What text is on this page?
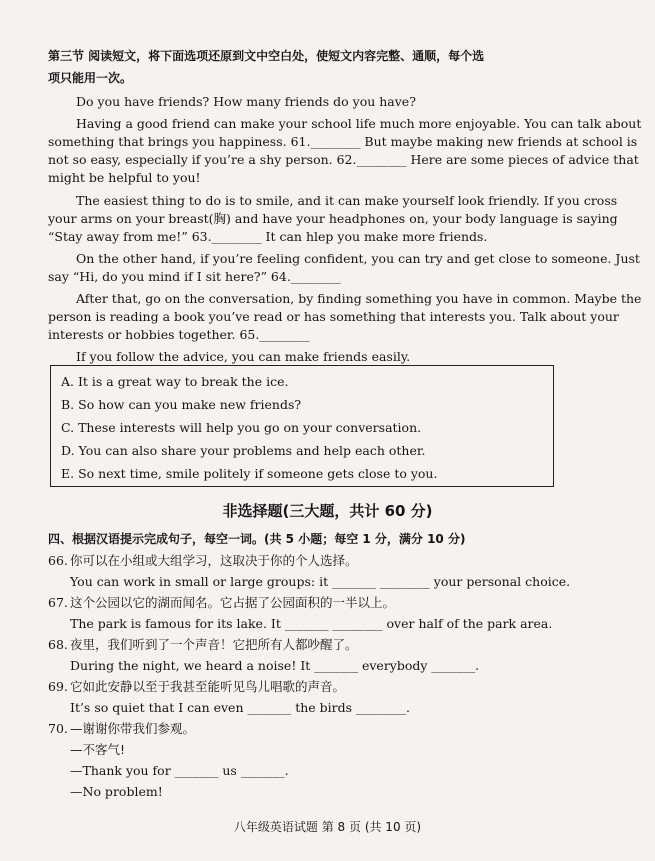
第三节 阅读短文，将下面选项还原到文中空白处，使短文内容完整、通顺，每个选
项只能用一次。
Do you have friends? How many friends do you have?
Having a good friend can make your school life much more enjoyable. You can talk about
something that brings you happiness. 61.________ But maybe making new friends at school is
not so easy, especially if you’re a shy person. 62.________ Here are some pieces of advice that
might be helpful to you!
The easiest thing to do is to smile, and it can make yourself look friendly. If you cross
your arms on your breast(胸) and have your headphones on, your body language is saying
“Stay away from me!” 63.________ It can hlep you make more friends.
On the other hand, if you’re feeling confident, you can try and get close to someone. Just
say “Hi, do you mind if I sit here?” 64.________
After that, go on the conversation, by finding something you have in common. Maybe the
person is reading a book you’ve read or has something that interests you. Talk about your
interests or hobbies together. 65.________
If you follow the advice, you can make friends easily.
A. It is a great way to break the ice.
B. So how can you make new friends?
C. These interests will help you go on your conversation.
D. You can also share your problems and help each other.
E. So next time, smile politely if someone gets close to you.
非选择题(三大题，共计 60 分)
四、根据汉语提示完成句子，每空一词。(共 5 小题；每空 1 分，满分 10 分)
66. 你可以在小组或大组学习，这取决于你的个人选择。
You can work in small or large groups: it _______ ________ your personal choice.
67. 这个公园以它的湖而闻名。它占据了公园面积的一半以上。
The park is famous for its lake. It _______ ________ over half of the park area.
68. 夜里，我们听到了一个声音！它把所有人都吵醒了。
During the night, we heard a noise! It _______ everybody _______.
69. 它如此安静以至于我甚至能听见鸟儿唱歌的声音。
It’s so quiet that I can even _______ the birds ________.
70. —谢谢你带我们参观。
—不客气!
—Thank you for _______ us _______.
—No problem!
八年级英语试题 第 8 页 (共 10 页)
